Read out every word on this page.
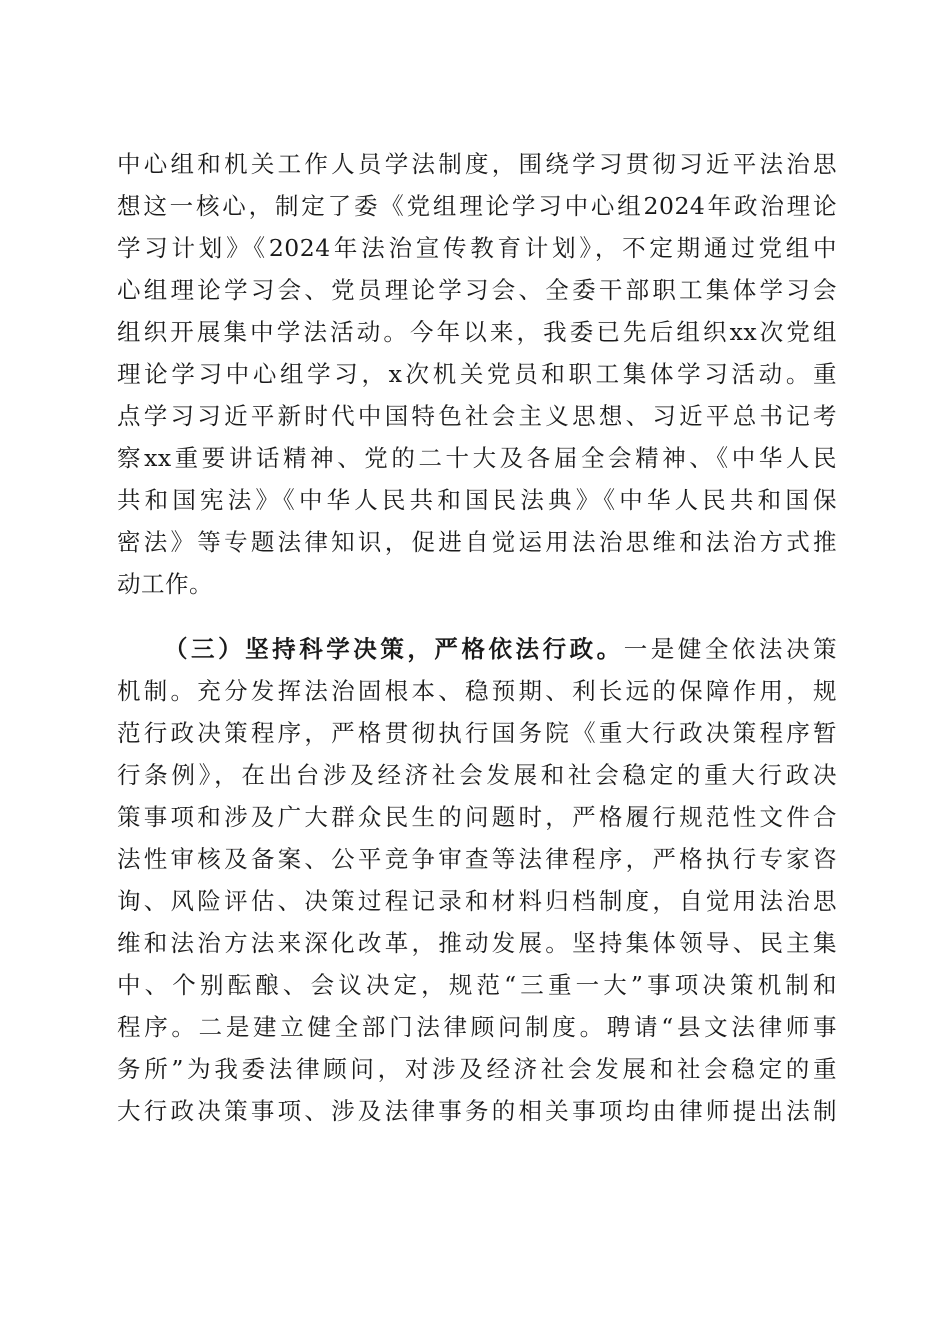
中心组和机关工作人员学法制度，围绕学习贯彻习近平法治思
想这一核心，制定了委《党组理论学习中心组2024年政治理论
学习计划》《2024年法治宣传教育计划》，不定期通过党组中
心组理论学习会、党员理论学习会、全委干部职工集体学习会
组织开展集中学法活动。今年以来，我委已先后组织xx次党组
理论学习中心组学习，x次机关党员和职工集体学习活动。重
点学习习近平新时代中国特色社会主义思想、习近平总书记考
察xx重要讲话精神、党的二十大及各届全会精神、《中华人民
共和国宪法》《中华人民共和国民法典》《中华人民共和国保
密法》等专题法律知识，促进自觉运用法治思维和法治方式推
动工作。
（三）坚持科学决策，严格依法行政。一是健全依法决策
机制。充分发挥法治固根本、稳预期、利长远的保障作用，规
范行政决策程序，严格贯彻执行国务院《重大行政决策程序暂
行条例》，在出台涉及经济社会发展和社会稳定的重大行政决
策事项和涉及广大群众民生的问题时，严格履行规范性文件合
法性审核及备案、公平竞争审查等法律程序，严格执行专家咨
询、风险评估、决策过程记录和材料归档制度，自觉用法治思
维和法治方法来深化改革，推动发展。坚持集体领导、民主集
中、个别酝酿、会议决定，规范“三重一大”事项决策机制和
程序。二是建立健全部门法律顾问制度。聘请“县文法律师事
务所”为我委法律顾问，对涉及经济社会发展和社会稳定的重
大行政决策事项、涉及法律事务的相关事项均由律师提出法制
